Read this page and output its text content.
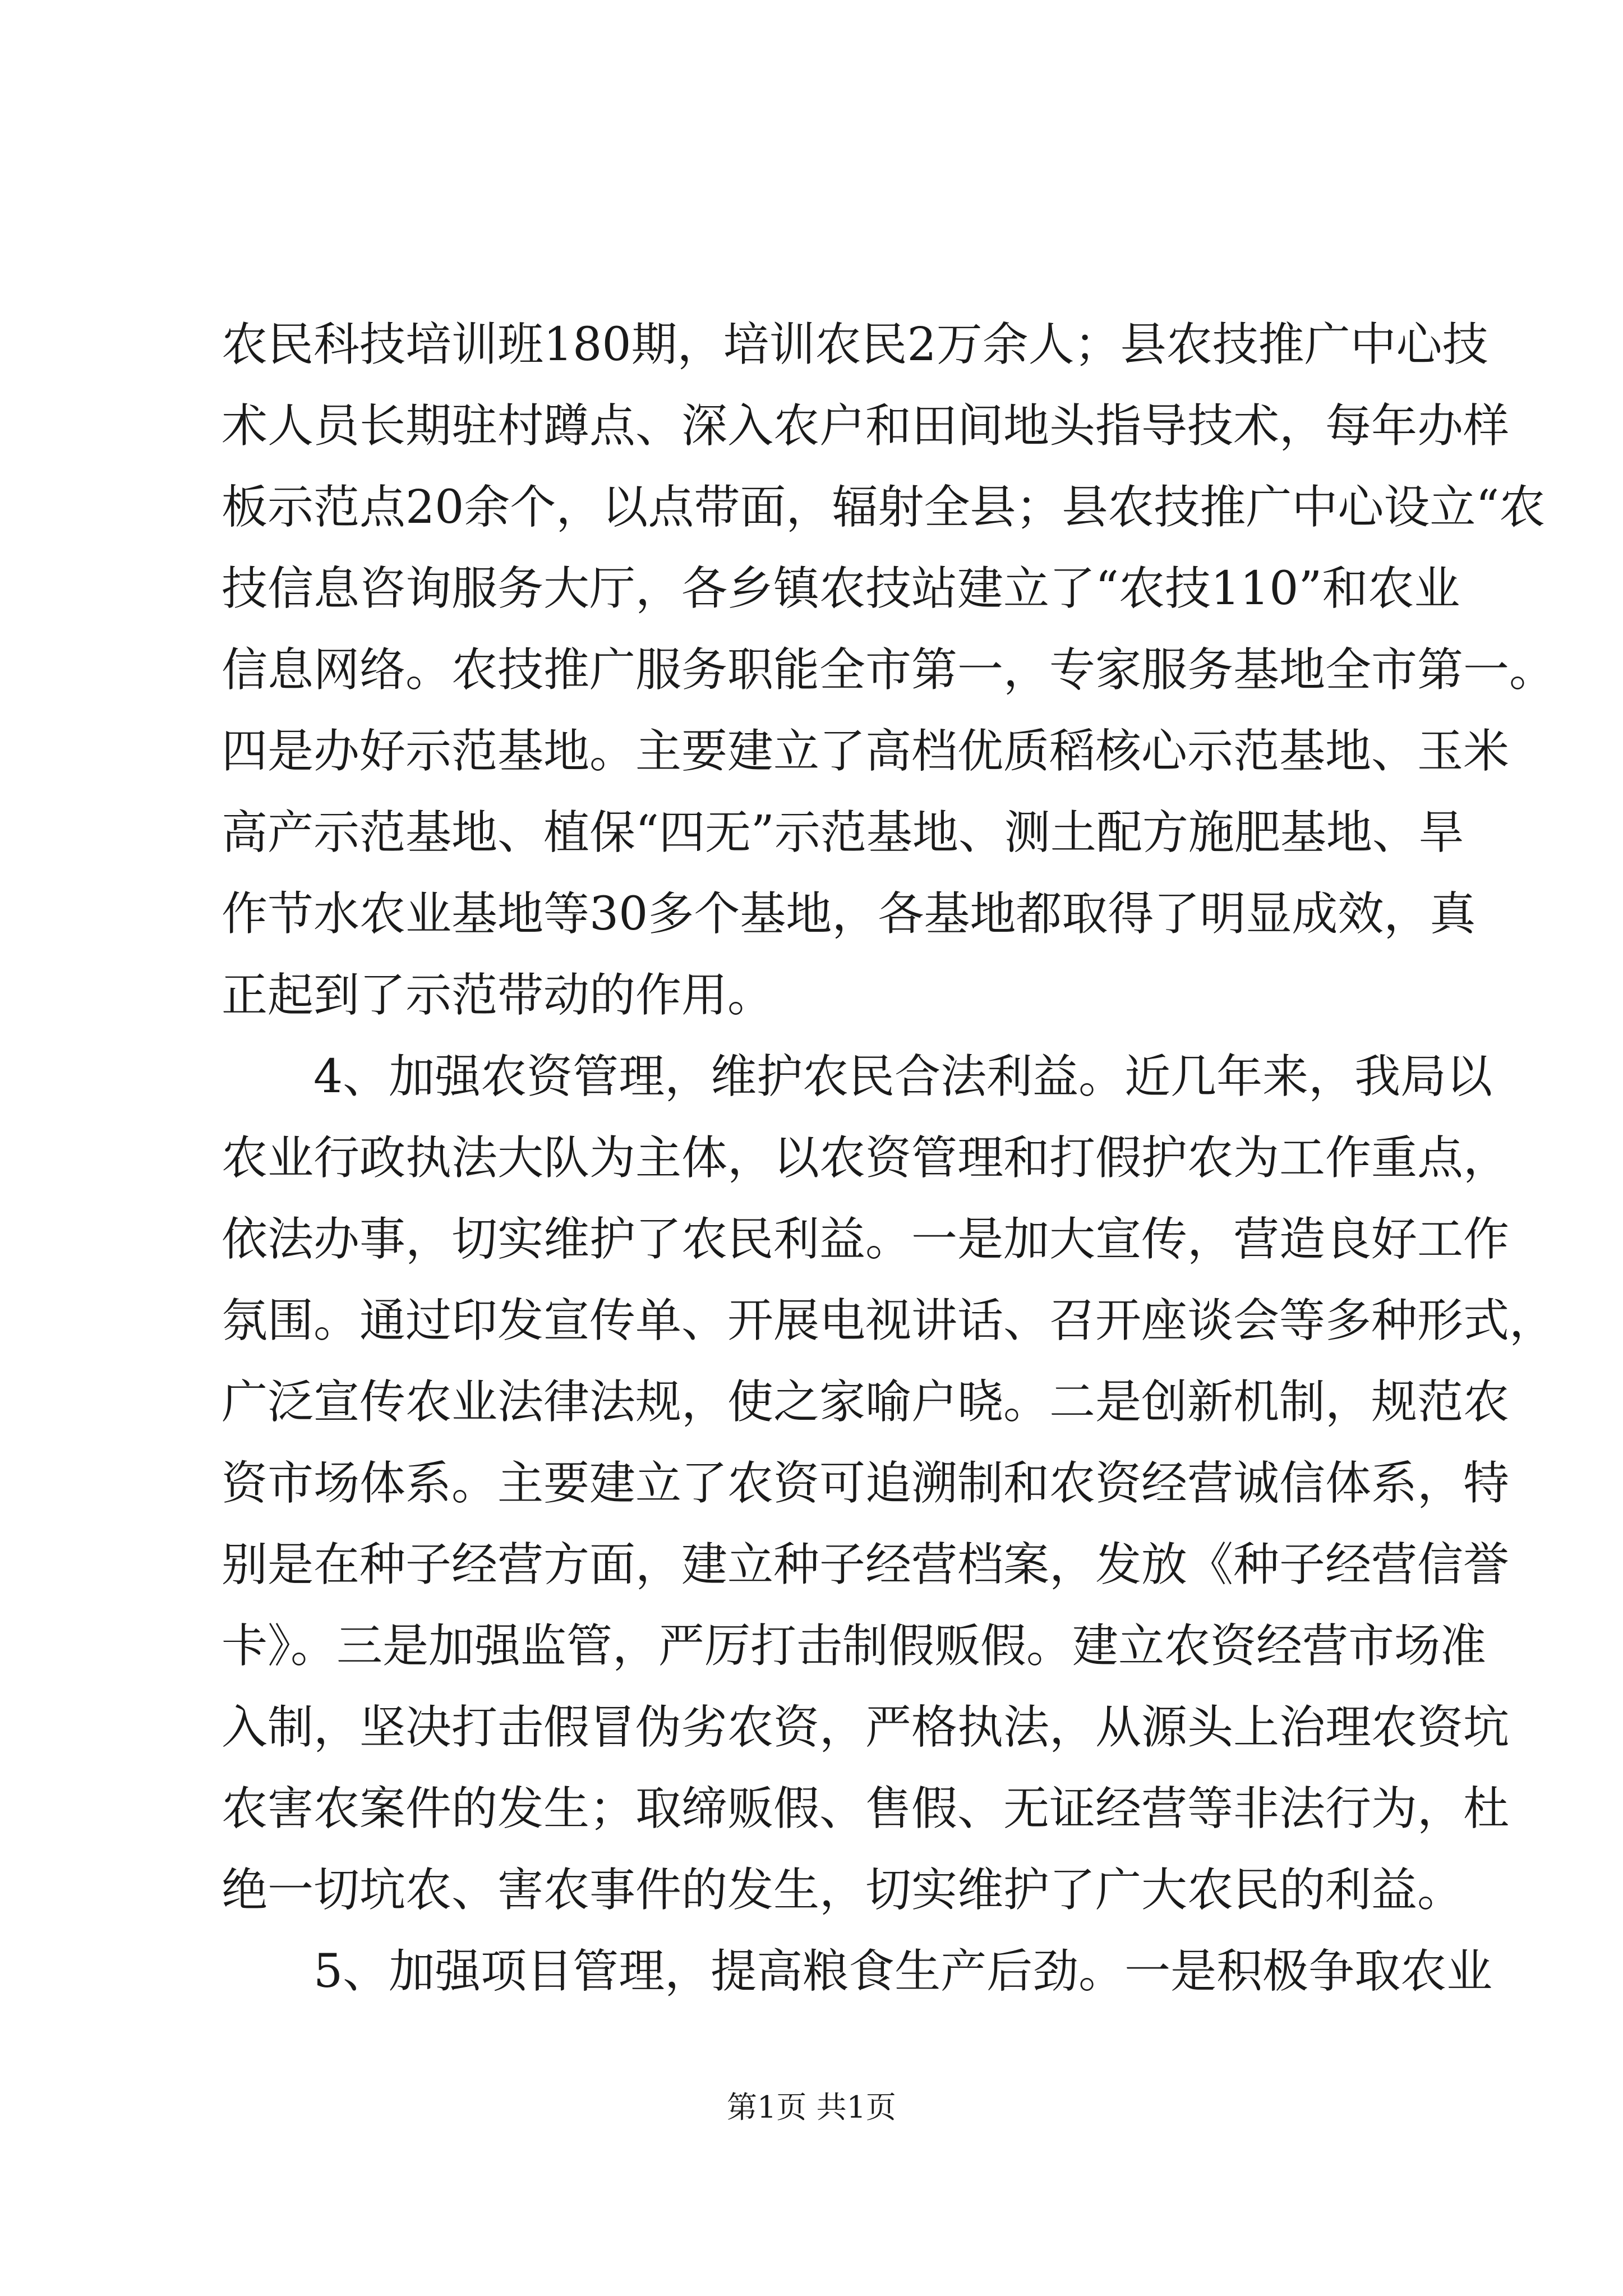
农民科技培训班180期，培训农民2万余人；县农技推广中心技
术人员长期驻村蹲点、深入农户和田间地头指导技术，每年办样
板示范点20余个，以点带面，辐射全县；县农技推广中心设立“农
技信息咨询服务大厅，各乡镇农技站建立了“农技110”和农业
信息网络。农技推广服务职能全市第一，专家服务基地全市第一。
四是办好示范基地。主要建立了高档优质稻核心示范基地、玉米
高产示范基地、植保“四无”示范基地、测土配方施肥基地、旱
作节水农业基地等30多个基地，各基地都取得了明显成效，真
正起到了示范带动的作用。
　　4、加强农资管理，维护农民合法利益。近几年来，我局以
农业行政执法大队为主体，以农资管理和打假护农为工作重点，
依法办事，切实维护了农民利益。一是加大宣传，营造良好工作
氛围。通过印发宣传单、开展电视讲话、召开座谈会等多种形式，
广泛宣传农业法律法规，使之家喻户晓。二是创新机制，规范农
资市场体系。主要建立了农资可追溯制和农资经营诚信体系，特
别是在种子经营方面，建立种子经营档案，发放《种子经营信誉
卡》。三是加强监管，严厉打击制假贩假。建立农资经营市场准
入制，坚决打击假冒伪劣农资，严格执法，从源头上治理农资坑
农害农案件的发生；取缔贩假、售假、无证经营等非法行为，杜
绝一切坑农、害农事件的发生，切实维护了广大农民的利益。
　　5、加强项目管理，提高粮食生产后劲。一是积极争取农业
第1页 共1页
